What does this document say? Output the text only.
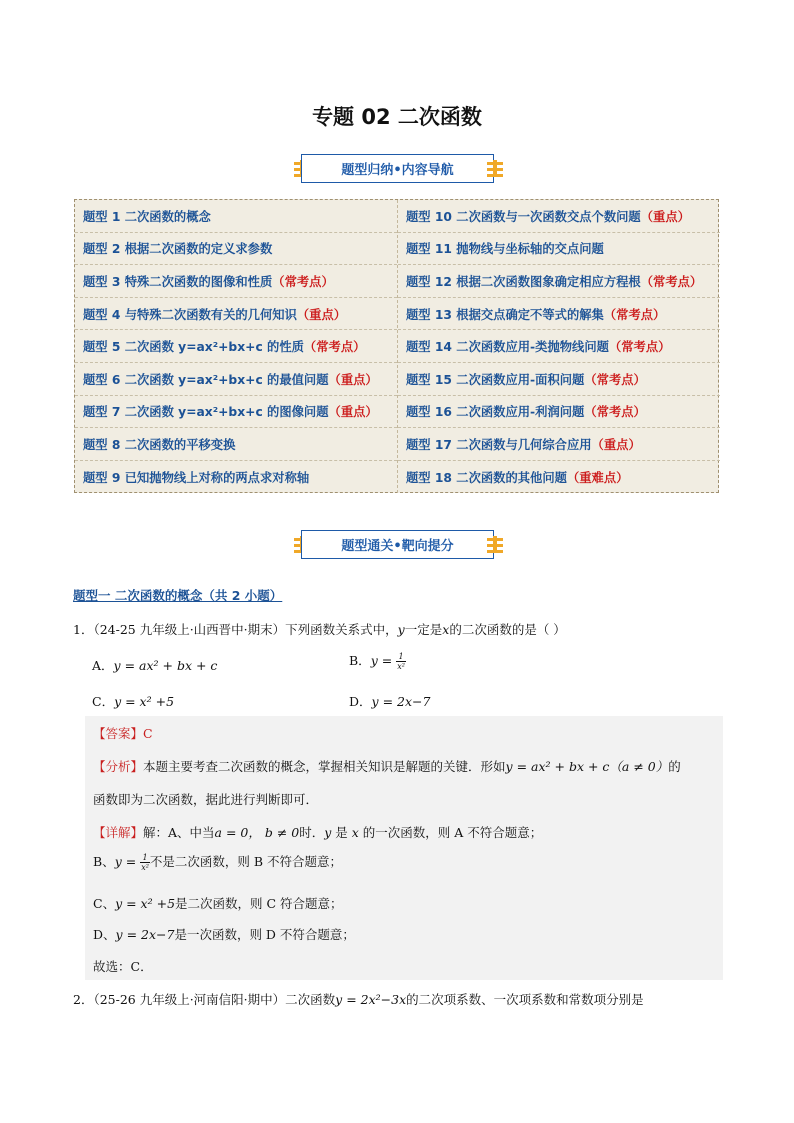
专题 02 二次函数
题型归纳•内容导航
题型 1 二次函数的概念
题型 2 根据二次函数的定义求参数
题型 3 特殊二次函数的图像和性质 （常考点）
题型 4 与特殊二次函数有关的几何知识 （重点）
题型 5 二次函数 y=ax²+bx+c 的性质 （常考点）
题型 6 二次函数 y=ax²+bx+c 的最值问题 （重点）
题型 7 二次函数 y=ax²+bx+c 的图像问题 （重点）
题型 8 二次函数的平移变换
题型 9 已知抛物线上对称的两点求对称轴
题型 10 二次函数与一次函数交点个数问题 （重点）
题型 11 抛物线与坐标轴的交点问题
题型 12 根据二次函数图象确定相应方程根 （常考点）
题型 13 根据交点确定不等式的解集 （常考点）
题型 14 二次函数应用-类抛物线问题 （常考点）
题型 15 二次函数应用-面积问题 （常考点）
题型 16 二次函数应用-利润问题 （常考点）
题型 17 二次函数与几何综合应用 （重点）
题型 18 二次函数的其他问题 （重难点）
题型通关•靶向提分
题型一 二次函数的概念（共 2 小题）
1．（24-25 九年级上·山西晋中·期末）下列函数关系式中，y一定是x的二次函数的是（ ）
A．y = ax² + bx + c	B．$y = \frac{1}{\text{x²}}$
C．y = x² +5	D．y = 2x−7
【答案】C
【分析】本题主要考查二次函数的概念，掌握相关知识是解题的关键．形如y = ax² + bx + c（a ≠ 0）的
函数即为二次函数，据此进行判断即可．
【详解】解：A、中当a = 0， b ≠ 0时．y 是 x 的一次函数，则 A 不符合题意；
B、$y = \frac{1}{\text{x²}}$ 不是二次函数，则 B 不符合题意；
C、y = x² +5是二次函数，则 C 符合题意；
D、y = 2x−7是一次函数，则 D 不符合题意；
故选：C．
2．（25-26 九年级上·河南信阳·期中）二次函数y = 2x²−3x的二次项系数、一次项系数和常数项分别是
